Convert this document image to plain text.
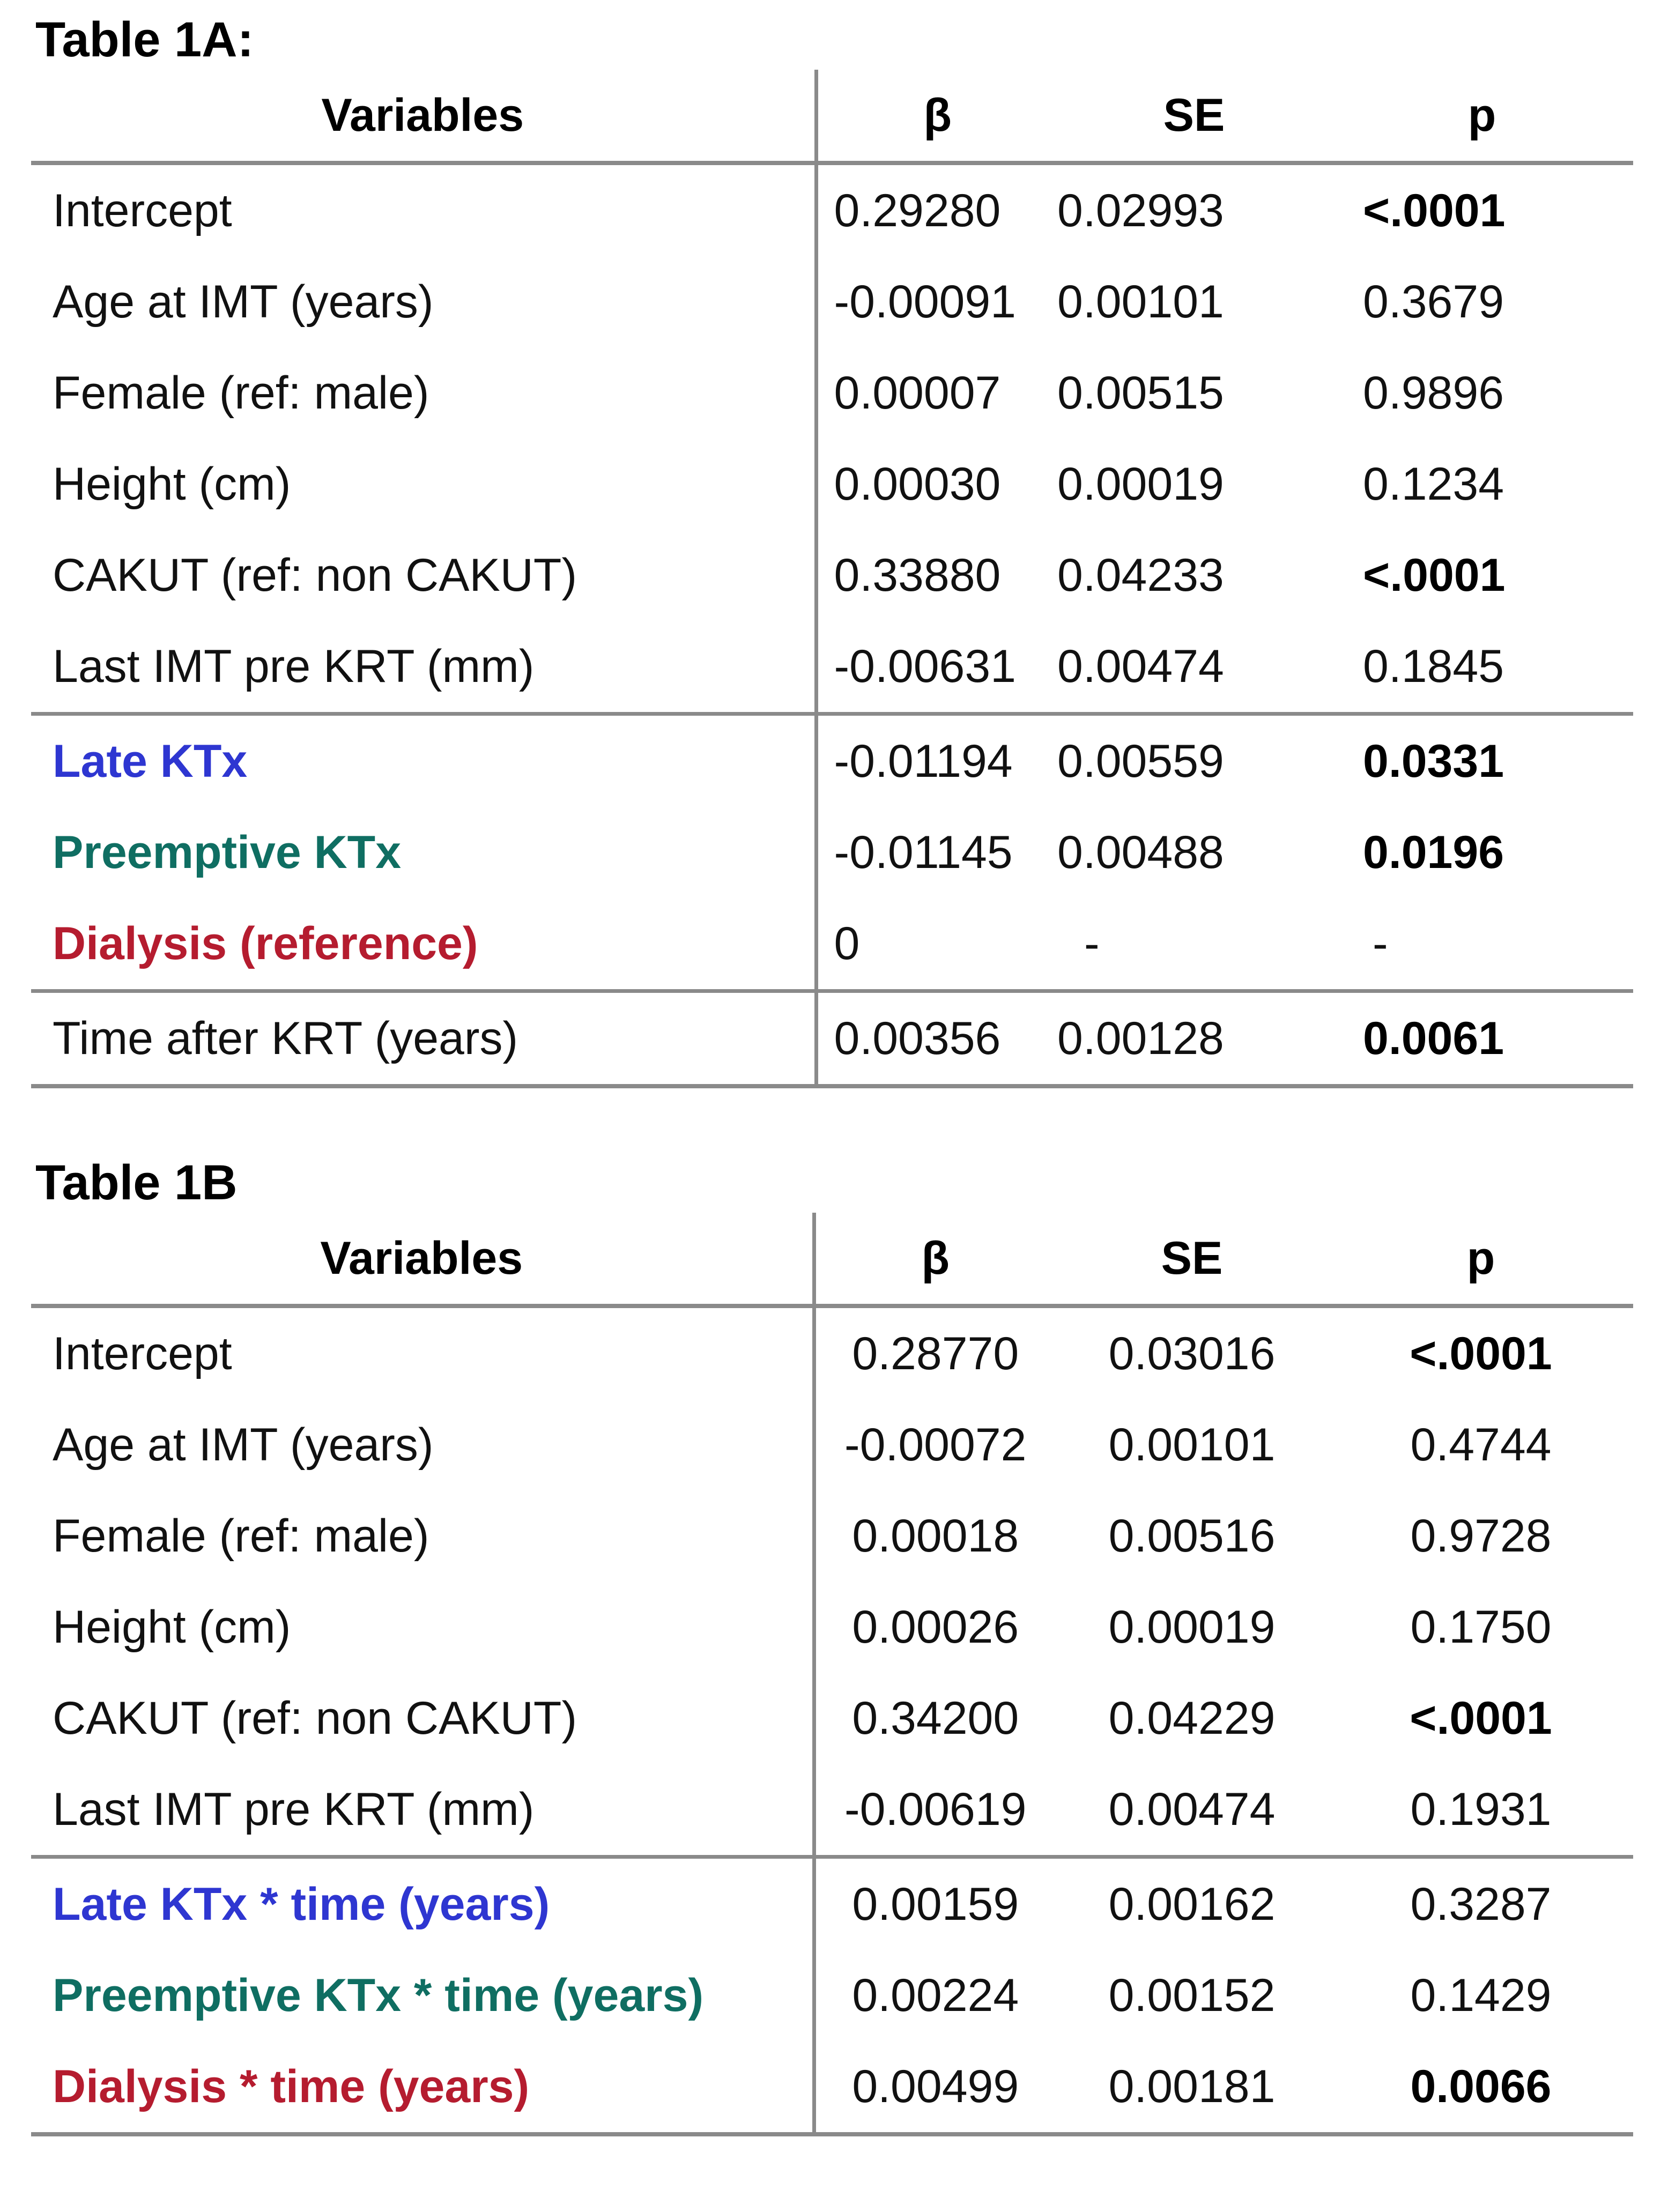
Table 1A:
Variables	β	SE	p
Intercept	0.29280	0.02993	<.0001
Age at IMT (years)	-0.00091	0.00101	0.3679
Female (ref: male)	0.00007	0.00515	0.9896
Height (cm)	0.00030	0.00019	0.1234
CAKUT (ref: non CAKUT)	0.33880	0.04233	<.0001
Last IMT pre KRT (mm)	-0.00631	0.00474	0.1845
Late KTx	-0.01194	0.00559	0.0331
Preemptive KTx	-0.01145	0.00488	0.0196
Dialysis (reference)	0	-	-
Time after KRT (years)	0.00356	0.00128	0.0061
Table 1B
Variables	β	SE	p
Intercept	0.28770	0.03016	<.0001
Age at IMT (years)	-0.00072	0.00101	0.4744
Female (ref: male)	0.00018	0.00516	0.9728
Height (cm)	0.00026	0.00019	0.1750
CAKUT (ref: non CAKUT)	0.34200	0.04229	<.0001
Last IMT pre KRT (mm)	-0.00619	0.00474	0.1931
Late KTx * time (years)	0.00159	0.00162	0.3287
Preemptive KTx * time (years)	0.00224	0.00152	0.1429
Dialysis * time (years)	0.00499	0.00181	0.0066
